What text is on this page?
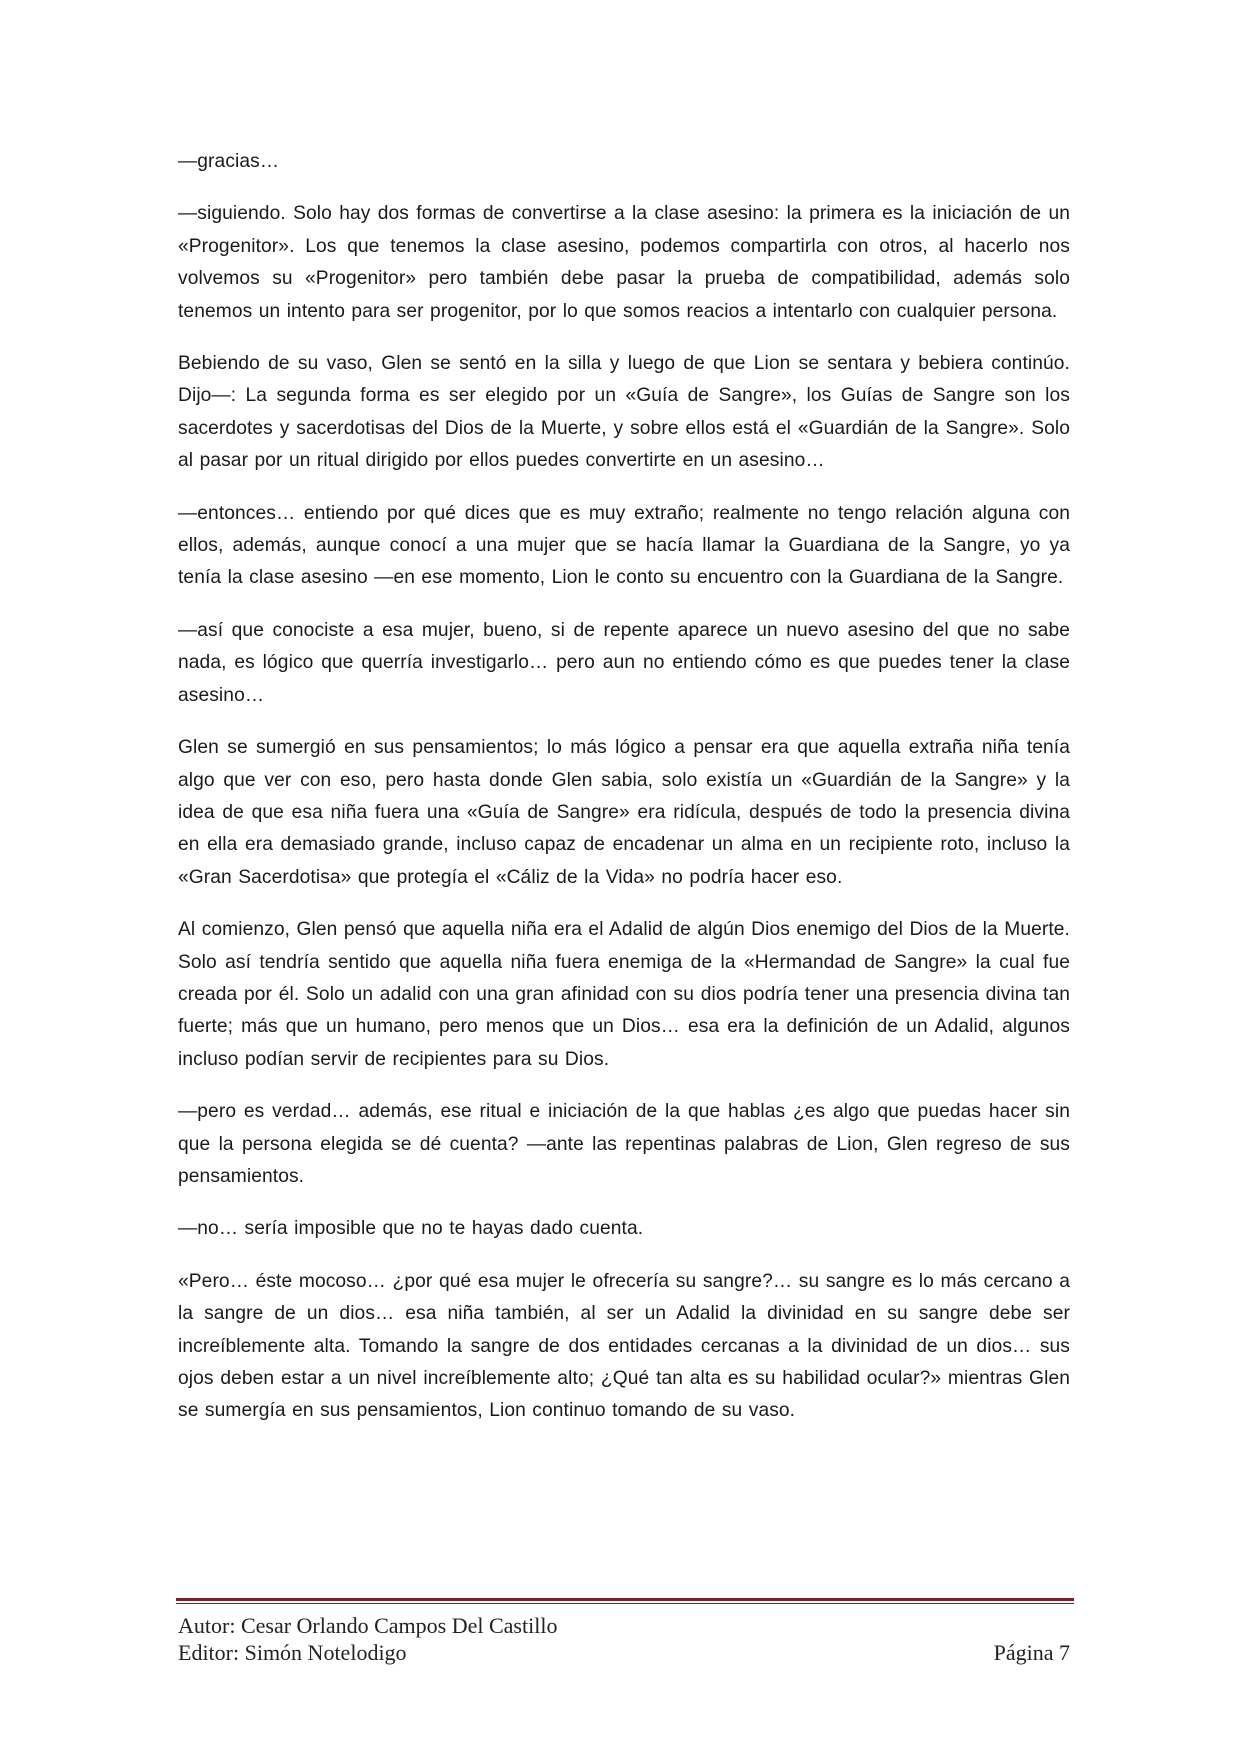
—gracias…

—siguiendo. Solo hay dos formas de convertirse a la clase asesino: la primera es la iniciación de un «Progenitor». Los que tenemos la clase asesino, podemos compartirla con otros, al hacerlo nos volvemos su «Progenitor» pero también debe pasar la prueba de compatibilidad, además solo tenemos un intento para ser progenitor, por lo que somos reacios a intentarlo con cualquier persona.

Bebiendo de su vaso, Glen se sentó en la silla y luego de que Lion se sentara y bebiera continúo. Dijo—: La segunda forma es ser elegido por un «Guía de Sangre», los Guías de Sangre son los sacerdotes y sacerdotisas del Dios de la Muerte, y sobre ellos está el «Guardián de la Sangre». Solo al pasar por un ritual dirigido por ellos puedes convertirte en un asesino…

—entonces… entiendo por qué dices que es muy extraño; realmente no tengo relación alguna con ellos, además, aunque conocí a una mujer que se hacía llamar la Guardiana de la Sangre, yo ya tenía la clase asesino —en ese momento, Lion le conto su encuentro con la Guardiana de la Sangre.

—así que conociste a esa mujer, bueno, si de repente aparece un nuevo asesino del que no sabe nada, es lógico que querría investigarlo… pero aun no entiendo cómo es que puedes tener la clase asesino…

Glen se sumergió en sus pensamientos; lo más lógico a pensar era que aquella extraña niña tenía algo que ver con eso, pero hasta donde Glen sabia, solo existía un «Guardián de la Sangre» y la idea de que esa niña fuera una «Guía de Sangre» era ridícula, después de todo la presencia divina en ella era demasiado grande, incluso capaz de encadenar un alma en un recipiente roto, incluso la «Gran Sacerdotisa» que protegía el «Cáliz de la Vida» no podría hacer eso.

Al comienzo, Glen pensó que aquella niña era el Adalid de algún Dios enemigo del Dios de la Muerte. Solo así tendría sentido que aquella niña fuera enemiga de la «Hermandad de Sangre» la cual fue creada por él. Solo un adalid con una gran afinidad con su dios podría tener una presencia divina tan fuerte; más que un humano, pero menos que un Dios… esa era la definición de un Adalid, algunos incluso podían servir de recipientes para su Dios.

—pero es verdad… además, ese ritual e iniciación de la que hablas ¿es algo que puedas hacer sin que la persona elegida se dé cuenta? —ante las repentinas palabras de Lion, Glen regreso de sus pensamientos.

—no… sería imposible que no te hayas dado cuenta.

«Pero… éste mocoso… ¿por qué esa mujer le ofrecería su sangre?… su sangre es lo más cercano a la sangre de un dios… esa niña también, al ser un Adalid la divinidad en su sangre debe ser increíblemente alta. Tomando la sangre de dos entidades cercanas a la divinidad de un dios… sus ojos deben estar a un nivel increíblemente alto; ¿Qué tan alta es su habilidad ocular?» mientras Glen se sumergía en sus pensamientos, Lion continuo tomando de su vaso.

Autor: Cesar Orlando Campos Del Castillo
Editor: Simón Notelodigo	Página 7
